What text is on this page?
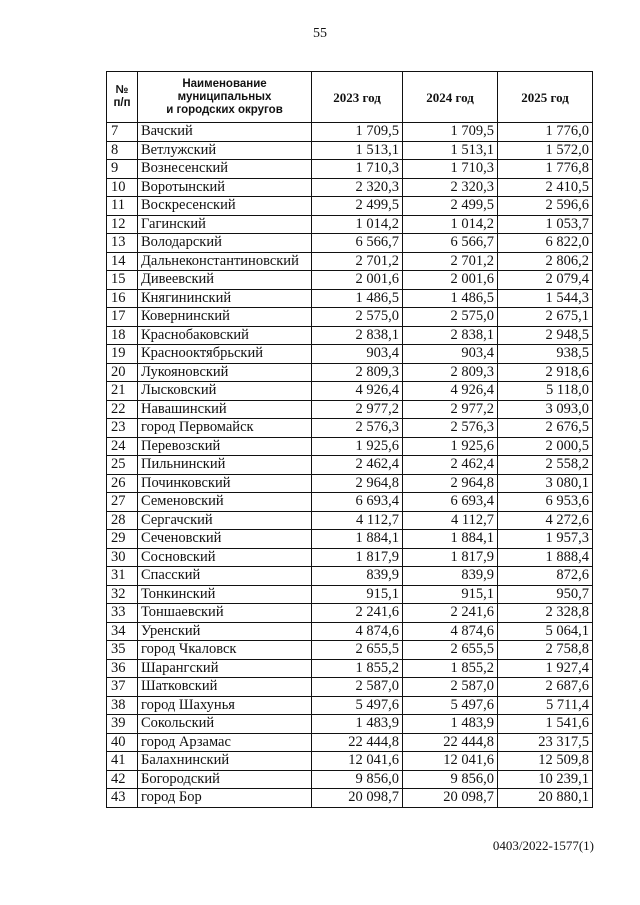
55
№
п/п	Наименование
муниципальных
и городских округов	2023 год	2024 год	2025 год
7	Вачский	1 709,5	1 709,5	1 776,0
8	Ветлужский	1 513,1	1 513,1	1 572,0
9	Вознесенский	1 710,3	1 710,3	1 776,8
10	Воротынский	2 320,3	2 320,3	2 410,5
11	Воскресенский	2 499,5	2 499,5	2 596,6
12	Гагинский	1 014,2	1 014,2	1 053,7
13	Володарский	6 566,7	6 566,7	6 822,0
14	Дальнеконстантиновский	2 701,2	2 701,2	2 806,2
15	Дивеевский	2 001,6	2 001,6	2 079,4
16	Княгининский	1 486,5	1 486,5	1 544,3
17	Ковернинский	2 575,0	2 575,0	2 675,1
18	Краснобаковский	2 838,1	2 838,1	2 948,5
19	Краснооктябрьский	903,4	903,4	938,5
20	Лукояновский	2 809,3	2 809,3	2 918,6
21	Лысковский	4 926,4	4 926,4	5 118,0
22	Навашинский	2 977,2	2 977,2	3 093,0
23	город Первомайск	2 576,3	2 576,3	2 676,5
24	Перевозский	1 925,6	1 925,6	2 000,5
25	Пильнинский	2 462,4	2 462,4	2 558,2
26	Починковский	2 964,8	2 964,8	3 080,1
27	Семеновский	6 693,4	6 693,4	6 953,6
28	Сергачский	4 112,7	4 112,7	4 272,6
29	Сеченовский	1 884,1	1 884,1	1 957,3
30	Сосновский	1 817,9	1 817,9	1 888,4
31	Спасский	839,9	839,9	872,6
32	Тонкинский	915,1	915,1	950,7
33	Тоншаевский	2 241,6	2 241,6	2 328,8
34	Уренский	4 874,6	4 874,6	5 064,1
35	город Чкаловск	2 655,5	2 655,5	2 758,8
36	Шарангский	1 855,2	1 855,2	1 927,4
37	Шатковский	2 587,0	2 587,0	2 687,6
38	город Шахунья	5 497,6	5 497,6	5 711,4
39	Сокольский	1 483,9	1 483,9	1 541,6
40	город Арзамас	22 444,8	22 444,8	23 317,5
41	Балахнинский	12 041,6	12 041,6	12 509,8
42	Богородский	9 856,0	9 856,0	10 239,1
43	город Бор	20 098,7	20 098,7	20 880,1
0403/2022-1577(1)
